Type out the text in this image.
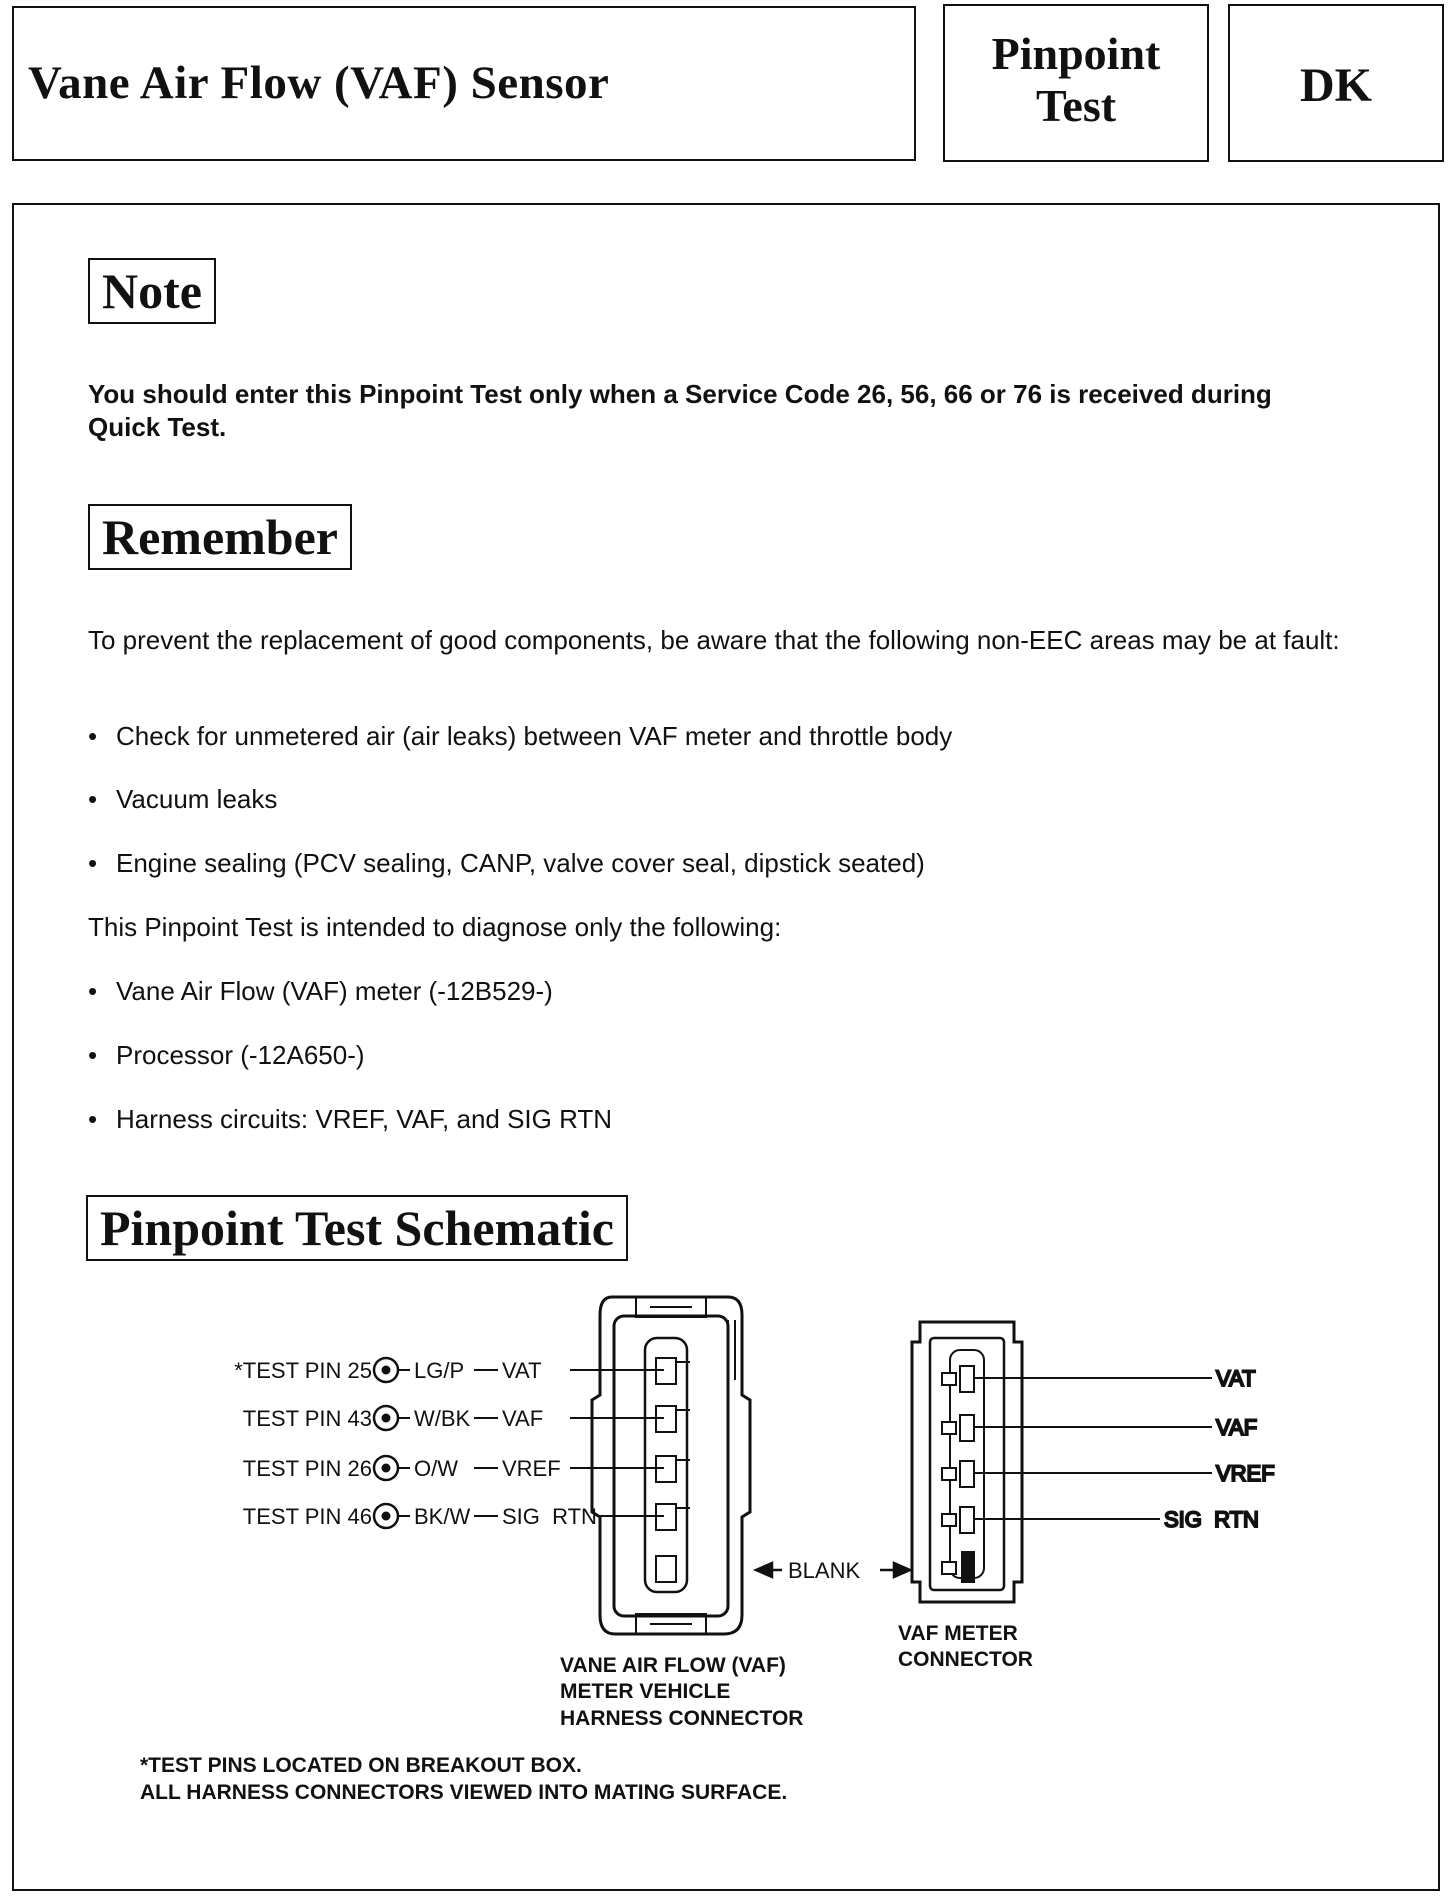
Vane Air Flow (VAF) Sensor
Pinpoint
Test	DK
Note
You should enter this Pinpoint Test only when a Service Code 26, 56, 66 or 76 is received during Quick Test.
Remember
To prevent the replacement of good components, be aware that the following non-EEC areas may be at fault:
• Check for unmetered air (air leaks) between VAF meter and throttle body
• Vacuum leaks
• Engine sealing (PCV sealing, CANP, valve cover seal, dipstick seated)
This Pinpoint Test is intended to diagnose only the following:
• Vane Air Flow (VAF) meter (-12B529-)
• Processor (-12A650-)
• Harness circuits: VREF, VAF, and SIG RTN
Pinpoint Test Schematic
*TEST PIN 25 LG/P VAT
TEST PIN 43 W/BK VAF
TEST PIN 26 O/W VREF
TEST PIN 46 BK/W SIG  RTN
VAT
VAF
VREF
SIG  RTN
BLANK
VANE AIR FLOW (VAF)
METER VEHICLE
HARNESS CONNECTOR
VAF METER
CONNECTOR
*TEST PINS LOCATED ON BREAKOUT BOX.
ALL HARNESS CONNECTORS VIEWED INTO MATING SURFACE.
